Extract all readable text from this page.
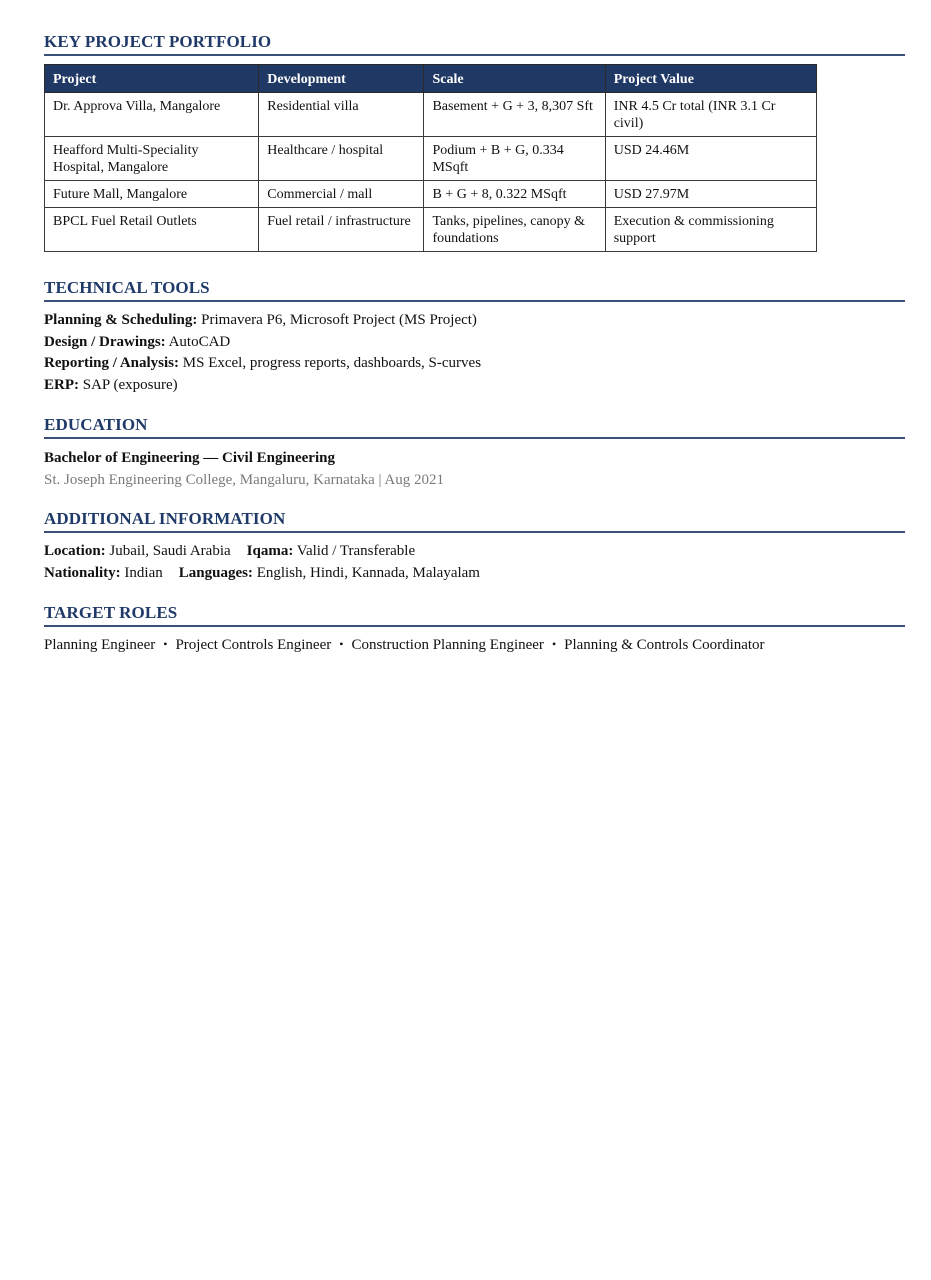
KEY PROJECT PORTFOLIO
Project	Development	Scale	Project Value
Dr. Approva Villa, Mangalore	Residential villa	Basement + G + 3, 8,307 Sft	INR 4.5 Cr total (INR 3.1 Cr civil)
Heafford Multi-Speciality Hospital, Mangalore	Healthcare / hospital	Podium + B + G, 0.334 MSqft	USD 24.46M
Future Mall, Mangalore	Commercial / mall	B + G + 8, 0.322 MSqft	USD 27.97M
BPCL Fuel Retail Outlets	Fuel retail / infrastructure	Tanks, pipelines, canopy & foundations	Execution & commissioning support
TECHNICAL TOOLS
Planning & Scheduling: Primavera P6, Microsoft Project (MS Project)
Design / Drawings: AutoCAD
Reporting / Analysis: MS Excel, progress reports, dashboards, S-curves
ERP: SAP (exposure)
EDUCATION
Bachelor of Engineering — Civil Engineering
St. Joseph Engineering College, Mangaluru, Karnataka | Aug 2021
ADDITIONAL INFORMATION
Location: Jubail, Saudi Arabia Iqama: Valid / Transferable
Nationality: Indian Languages: English, Hindi, Kannada, Malayalam
TARGET ROLES
Planning Engineer • Project Controls Engineer • Construction Planning Engineer • Planning & Controls Coordinator
